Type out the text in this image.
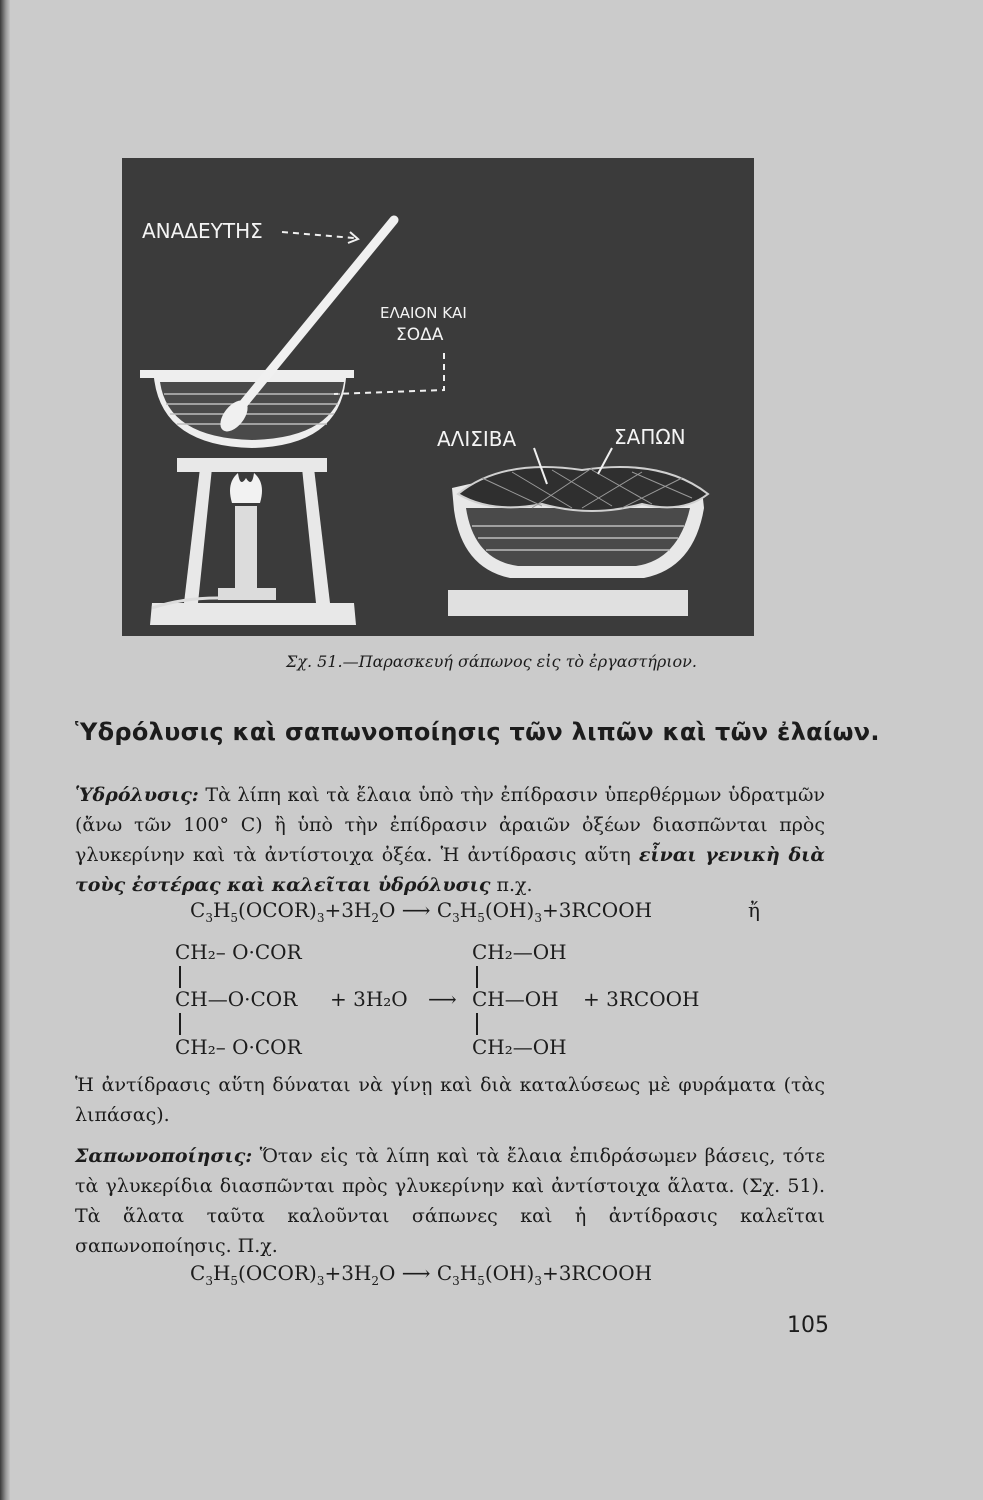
ΑΝΑΔΕΥΤΗΣ
ΕΛΑΙΟΝ ΚΑΙ
ΣΟΔΑ
ΑΛΙΣΙΒΑ	ΣΑΠΩΝ
Σχ. 51.—Παρασκευή σάπωνος εἰς τὸ ἐργαστήριον.
Ὑδρόλυσις καὶ σαπωνοποίησις τῶν λιπῶν καὶ τῶν ἐλαίων.
Ὑδρόλυσις: Τὰ λίπη καὶ τὰ ἔλαια ὑπὸ τὴν ἐπίδρασιν ὑπερθέρμων ὑδρατμῶν (ἄνω τῶν 100° C) ἢ ὑπὸ τὴν ἐπίδρασιν ἀραιῶν ὀξέων διασπῶνται πρὸς γλυκερίνην καὶ τὰ ἀντίστοιχα ὀξέα. Ἡ ἀντίδρασις αὕτη εἶναι γενικὴ διὰ τοὺς ἐστέρας καὶ καλεῖται ὑδρόλυσις π.χ.
$C_3H_5(OCOR)_3+3H_2O$ ⟶ $C_3H_5(OH)_3+3RCOOH$	ἤ
CH₂– O·COR
CH—O·COR
CH₂– O·COR
+ 3H₂O ⟶
CH₂—OH
CH—OH
CH₂—OH
+ 3RCOOH
Ἡ ἀντίδρασις αὕτη δύναται νὰ γίνῃ καὶ διὰ καταλύσεως μὲ φυράματα (τὰς λιπάσας).
Σαπωνοποίησις: Ὅταν εἰς τὰ λίπη καὶ τὰ ἔλαια ἐπιδράσωμεν βάσεις, τότε τὰ γλυκερίδια διασπῶνται πρὸς γλυκερίνην καὶ ἀντίστοιχα ἅλατα. (Σχ. 51). Τὰ ἅλατα ταῦτα καλοῦνται σάπωνες καὶ ἡ ἀντίδρασις καλεῖται σαπωνοποίησις. Π.χ.
$C_3H_5(OCOR)_3+3H_2O$ ⟶ $C_3H_5(OH)_3+3RCOOH$
105
